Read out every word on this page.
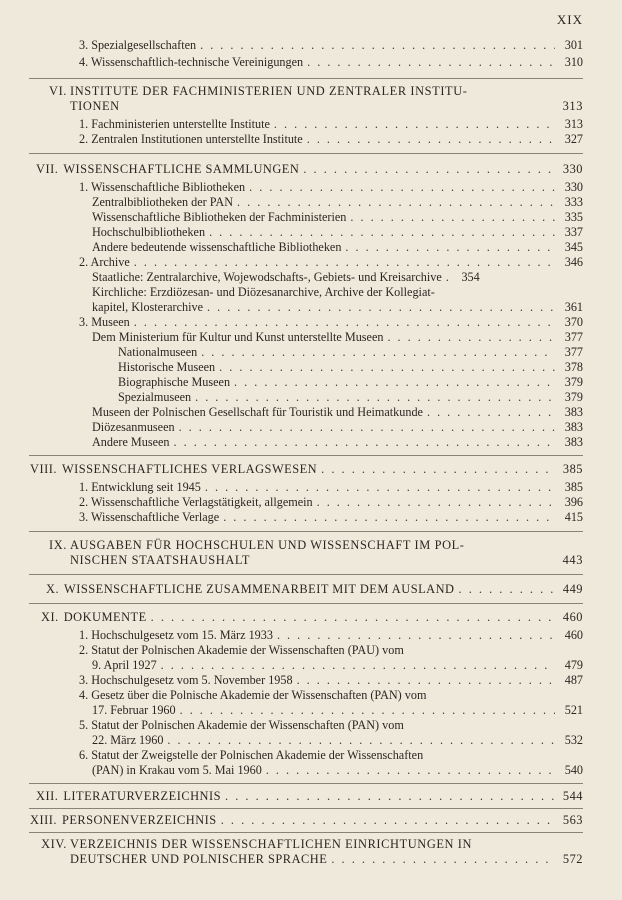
XIX
3. Spezialgesellschaften . . .	301
4. Wissenschaftlich-technische Vereinigungen . . .	310
VI. INSTITUTE DER FACHMINISTERIEN UND ZENTRALER INSTITU-
TIONEN	313
1. Fachministerien unterstellte Institute . . .	313
2. Zentralen Institutionen unterstellte Institute . . .	327
VII. WISSENSCHAFTLICHE SAMMLUNGEN . . .	330
1. Wissenschaftliche Bibliotheken . . .	330
Zentralbibliotheken der PAN . . .	333
Wissenschaftliche Bibliotheken der Fachministerien . . .	335
Hochschulbibliotheken . . .	337
Andere bedeutende wissenschaftliche Bibliotheken . . .	345
2. Archive . . .	346
Staatliche: Zentralarchive, Wojewodschafts-, Gebiets- und Kreisarchive . . .	354
Kirchliche: Erzdiözesan- und Diözesanarchive, Archive der Kollegiat-
kapitel, Klosterarchive . . .	361
3. Museen . . .	370
Dem Ministerium für Kultur und Kunst unterstellte Museen . . .	377
Nationalmuseen . . .	377
Historische Museen . . .	378
Biographische Museen . . .	379
Spezialmuseen . . .	379
Museen der Polnischen Gesellschaft für Touristik und Heimatkunde . . .	383
Diözesanmuseen . . .	383
Andere Museen . . .	383
VIII. WISSENSCHAFTLICHES VERLAGSWESEN . . .	385
1. Entwicklung seit 1945 . . .	385
2. Wissenschaftliche Verlagstätigkeit, allgemein . . .	396
3. Wissenschaftliche Verlage . . .	415
IX. AUSGABEN FÜR HOCHSCHULEN UND WISSENSCHAFT IM POL-
NISCHEN STAATSHAUSHALT	443
X. WISSENSCHAFTLICHE ZUSAMMENARBEIT MIT DEM AUSLAND . . .	449
XI. DOKUMENTE . . .	460
1. Hochschulgesetz vom 15. März 1933 . . .	460
2. Statut der Polnischen Akademie der Wissenschaften (PAU) vom
9. April 1927 . . .	479
3. Hochschulgesetz vom 5. November 1958 . . .	487
4. Gesetz über die Polnische Akademie der Wissenschaften (PAN) vom
17. Februar 1960 . . .	521
5. Statut der Polnischen Akademie der Wissenschaften (PAN) vom
22. März 1960 . . .	532
6. Statut der Zweigstelle der Polnischen Akademie der Wissenschaften
(PAN) in Krakau vom 5. Mai 1960 . . .	540
XII. LITERATURVERZEICHNIS . . .	544
XIII. PERSONENVERZEICHNIS . . .	563
XIV. VERZEICHNIS DER WISSENSCHAFTLICHEN EINRICHTUNGEN IN
DEUTSCHER UND POLNISCHER SPRACHE . . .	572
